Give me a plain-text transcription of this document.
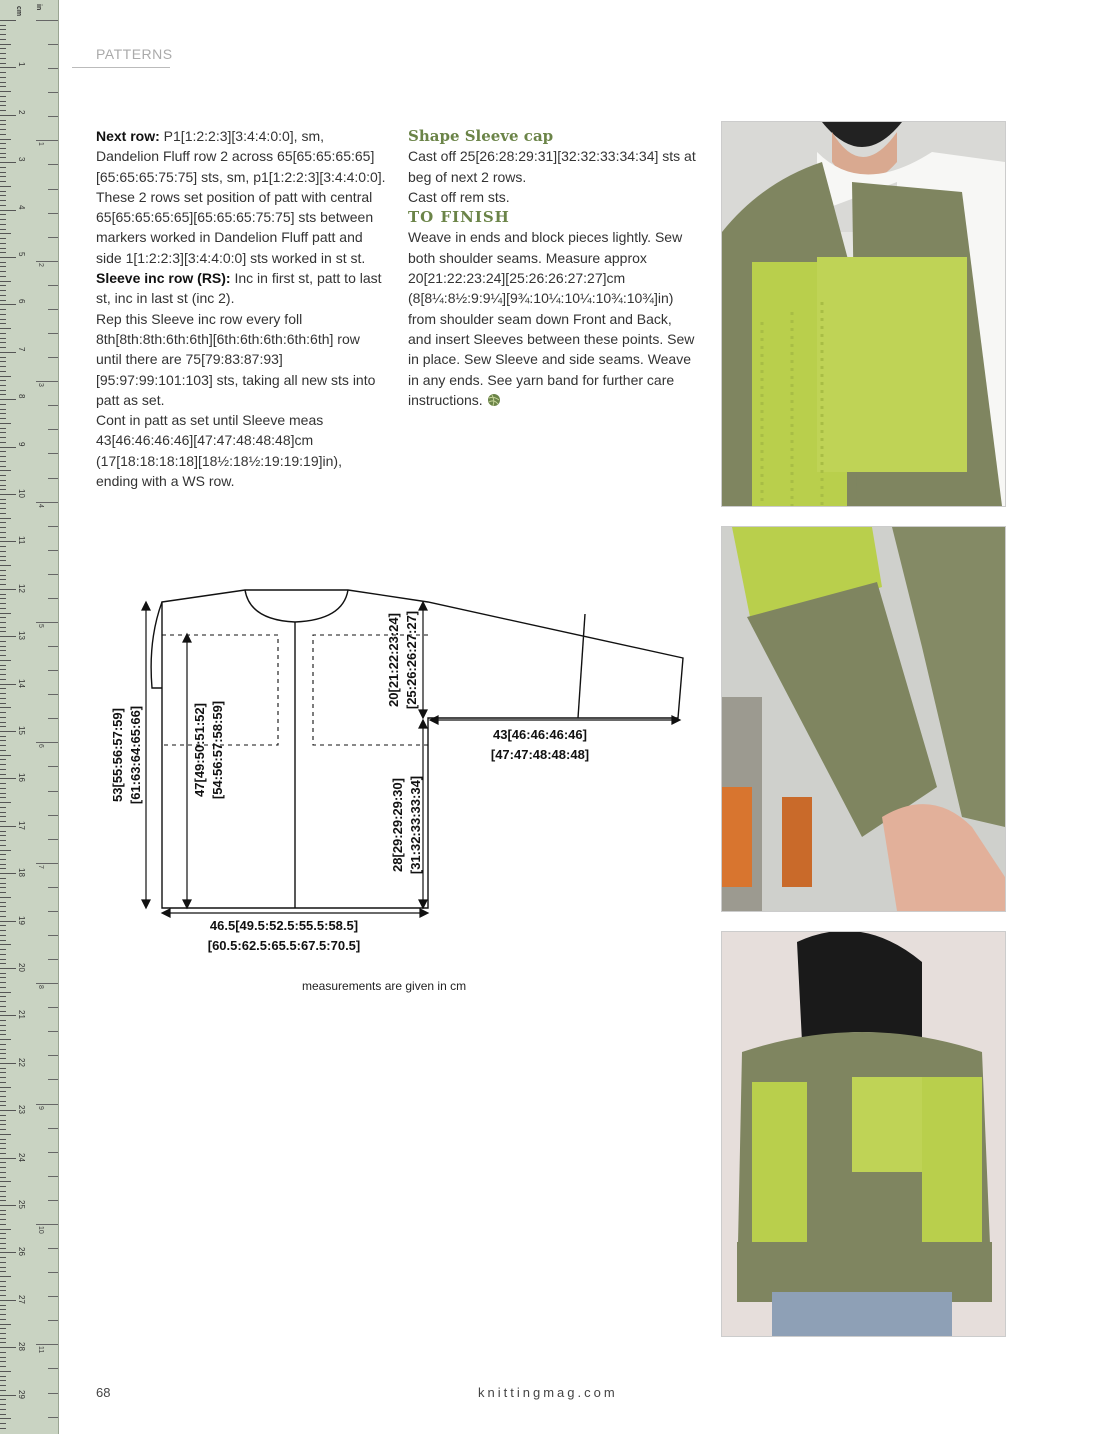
cm in
1
2
3
4
5
6
7
8
9
10
11
12
13
14
15
16
17
18
19
20
21
22
23
24
25
26
27
28
29
1
2
3
4
5
6
7
8
9
10
11
PATTERNS

Next row: P1[1:2:2:3][3:4:4:0:0], sm, Dandelion Fluff row 2 across 65[65:65:65:65][65:65:65:75:75] sts, sm, p1[1:2:2:3][3:4:4:0:0].

These 2 rows set position of patt with central 65[65:65:65:65][65:65:65:75:75] sts between markers worked in Dandelion Fluff patt and side 1[1:2:2:3][3:4:4:0:0] sts worked in st st.

Sleeve inc row (RS): Inc in first st, patt to last st, inc in last st (inc 2).

Rep this Sleeve inc row every foll 8th[8th:8th:6th:6th][6th:6th:6th:6th:6th] row until there are 75[79:83:87:93] [95:97:99:101:103] sts, taking all new sts into patt as set.

Cont in patt as set until Sleeve meas 43[46:46:46:46][47:47:48:48:48]cm (17[18:18:18:18][18½:18½:19:19:19]in), ending with a WS row.

Shape Sleeve cap

Cast off 25[26:28:29:31][32:32:33:34:34] sts at beg of next 2 rows.

Cast off rem sts.

TO FINISH

Weave in ends and block pieces lightly. Sew both shoulder seams. Measure approx 20[21:22:23:24][25:26:26:27:27]cm (8[8¼:8½:9:9¼][9¾:10¼:10¼:10¾:10¾]in) from shoulder seam down Front and Back, and insert Sleeves between these points. Sew in place. Sew Sleeve and side seams. Weave in any ends. See yarn band for further care instructions.

53[55:56:57:59] [61:63:64:65:66]	47[49:50:51:52] [54:56:57:58:59]
20[21:22:23:24] [25:26:26:27:27]
28[29:29:29:30] [31:32:33:33:34]
43[46:46:46:46]
[47:47:48:48:48]
46.5[49.5:52.5:55.5:58.5]
[60.5:62.5:65.5:67.5:70.5]
measurements are given in cm
68	knittingmag.com
